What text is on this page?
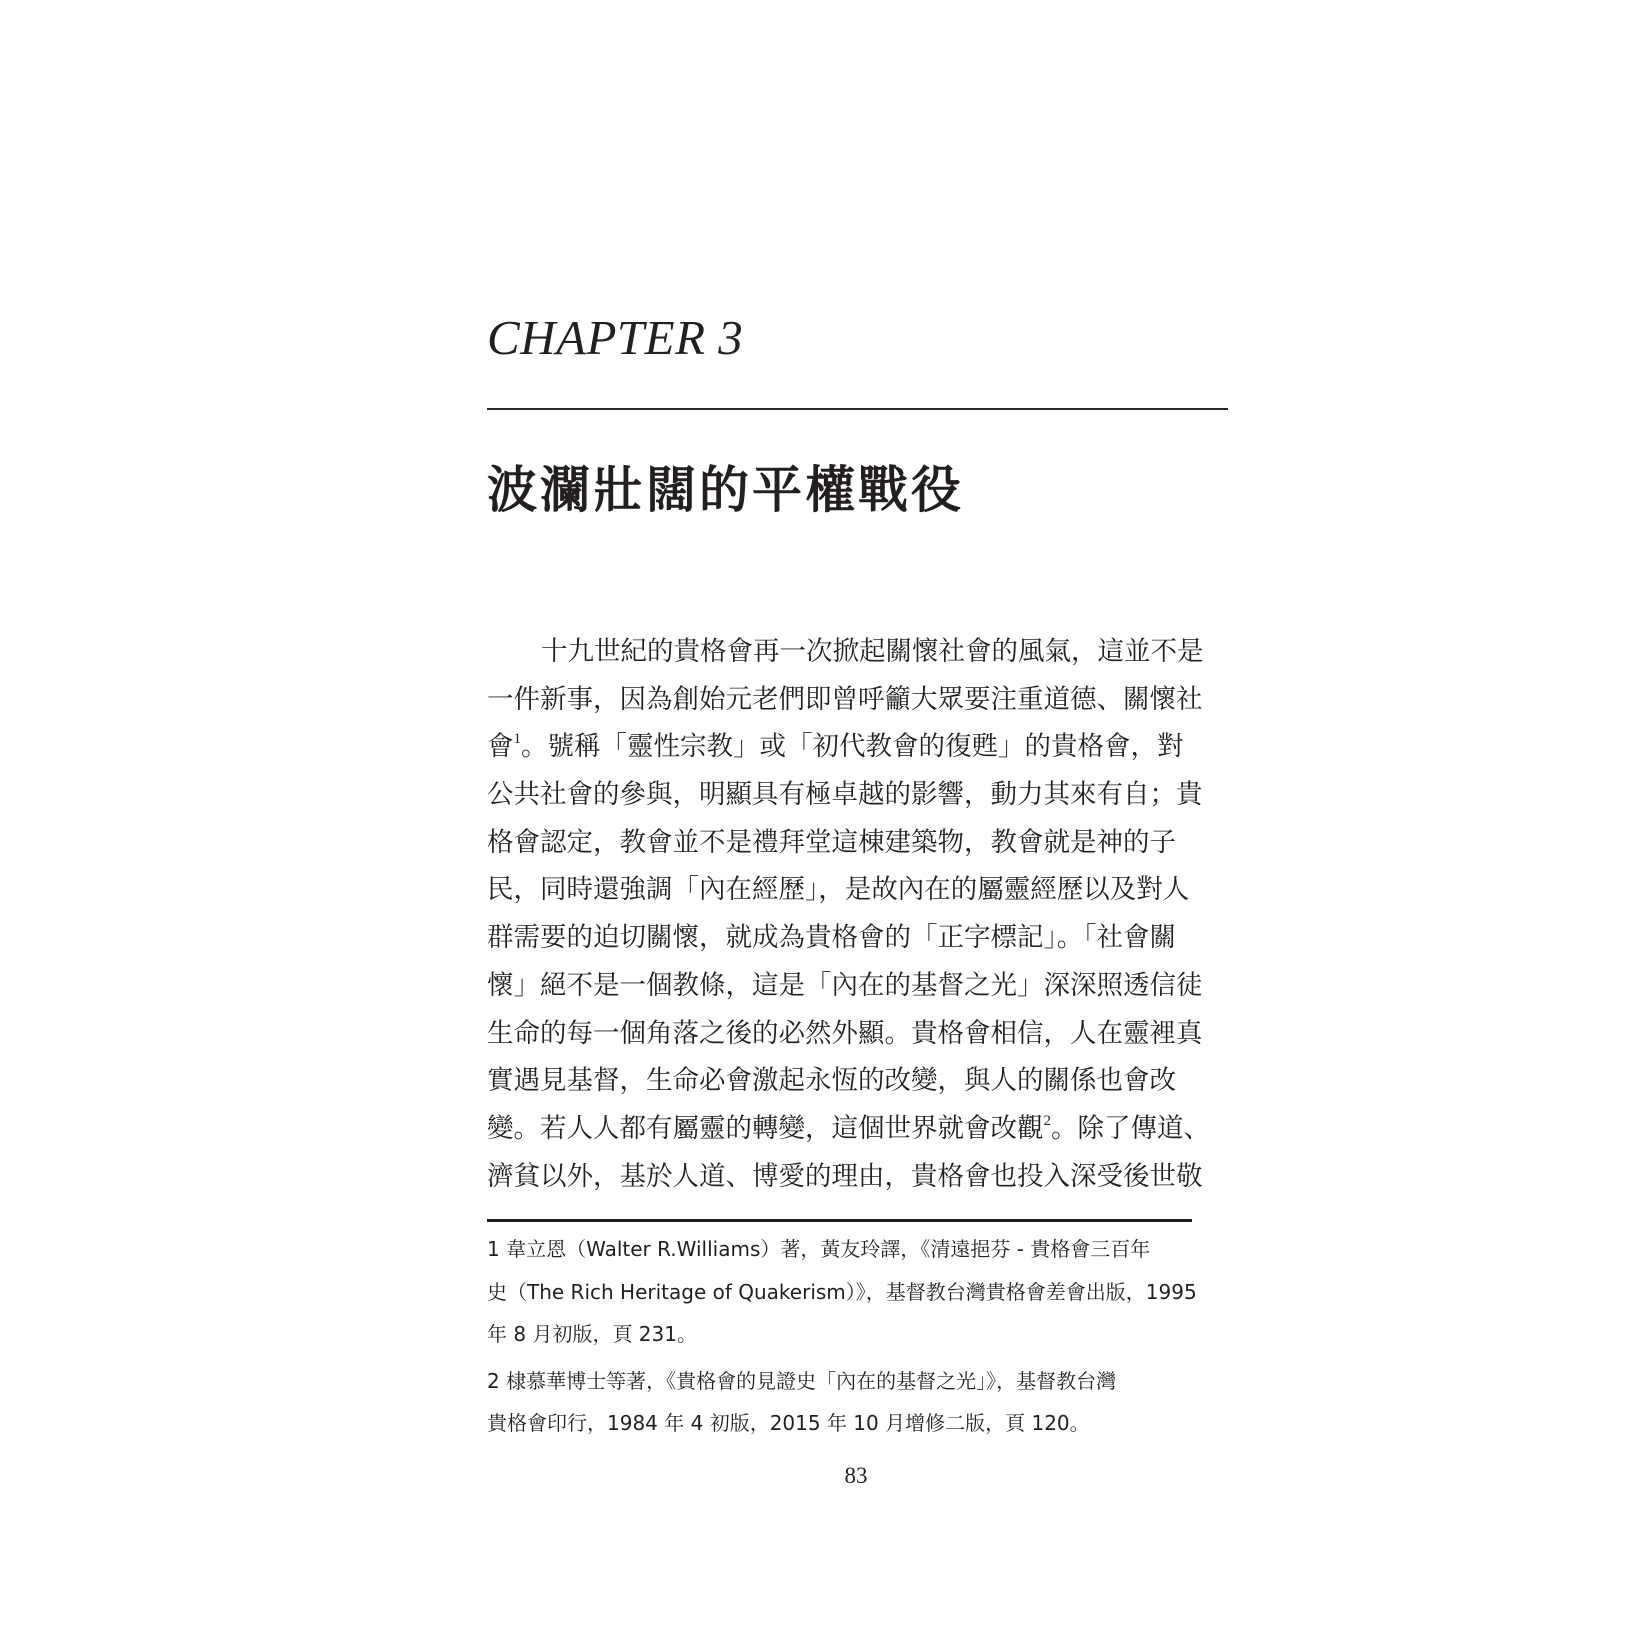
CHAPTER 3
波瀾壯闊的平權戰役
十九世紀的貴格會再一次掀起關懷社會的風氣，這並不是
一件新事，因為創始元老們即曾呼籲大眾要注重道德、關懷社
會$^1$。號稱「靈性宗教」或「初代教會的復甦」的貴格會，對
公共社會的參與，明顯具有極卓越的影響，動力其來有自；貴
格會認定，教會並不是禮拜堂這棟建築物，教會就是神的子
民，同時還強調「內在經歷」，是故內在的屬靈經歷以及對人
群需要的迫切關懷，就成為貴格會的「正字標記」。「社會關
懷」絕不是一個教條，這是「內在的基督之光」深深照透信徒
生命的每一個角落之後的必然外顯。貴格會相信，人在靈裡真
實遇見基督，生命必會激起永恆的改變，與人的關係也會改
變。若人人都有屬靈的轉變，這個世界就會改觀$^2$。除了傳道、
濟貧以外，基於人道、博愛的理由，貴格會也投入深受後世敬
1 韋立恩（Walter R.Williams）著，黃友玲譯，《清遠挹芬 - 貴格會三百年
史（The Rich Heritage of Quakerism）》，基督教台灣貴格會差會出版，1995
年 8 月初版，頁 231。
2 棣慕華博士等著，《貴格會的見證史「內在的基督之光」》，基督教台灣
貴格會印行，1984 年 4 初版，2015 年 10 月增修二版，頁 120。

83
